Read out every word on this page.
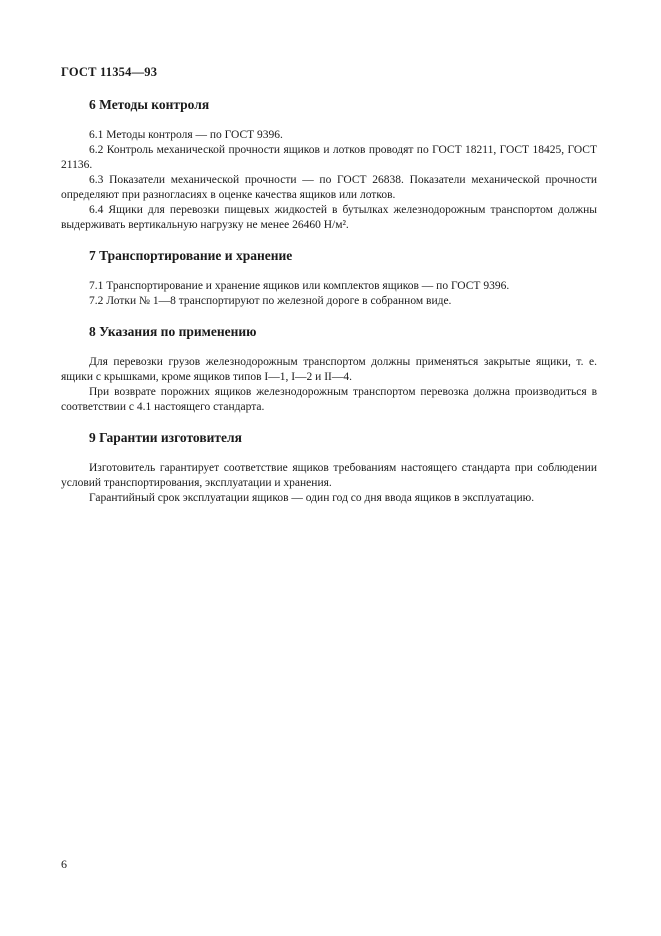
ГОСТ 11354—93
6 Методы контроля

6.1 Методы контроля — по ГОСТ 9396.

6.2 Контроль механической прочности ящиков и лотков проводят по ГОСТ 18211, ГОСТ 18425, ГОСТ 21136.

6.3 Показатели механической прочности — по ГОСТ 26838. Показатели механической прочности определяют при разногласиях в оценке качества ящиков или лотков.

6.4 Ящики для перевозки пищевых жидкостей в бутылках железнодорожным транспортом должны выдерживать вертикальную нагрузку не менее 26460 Н/м².

7 Транспортирование и хранение

7.1 Транспортирование и хранение ящиков или комплектов ящиков — по ГОСТ 9396.

7.2 Лотки № 1—8 транспортируют по железной дороге в собранном виде.

8 Указания по применению

Для перевозки грузов железнодорожным транспортом должны применяться закрытые ящики, т. е. ящики с крышками, кроме ящиков типов I—1, I—2 и II—4.

При возврате порожних ящиков железнодорожным транспортом перевозка должна производиться в соответствии с 4.1 настоящего стандарта.

9 Гарантии изготовителя

Изготовитель гарантирует соответствие ящиков требованиям настоящего стандарта при соблюдении условий транспортирования, эксплуатации и хранения.

Гарантийный срок эксплуатации ящиков — один год со дня ввода ящиков в эксплуатацию.

6
